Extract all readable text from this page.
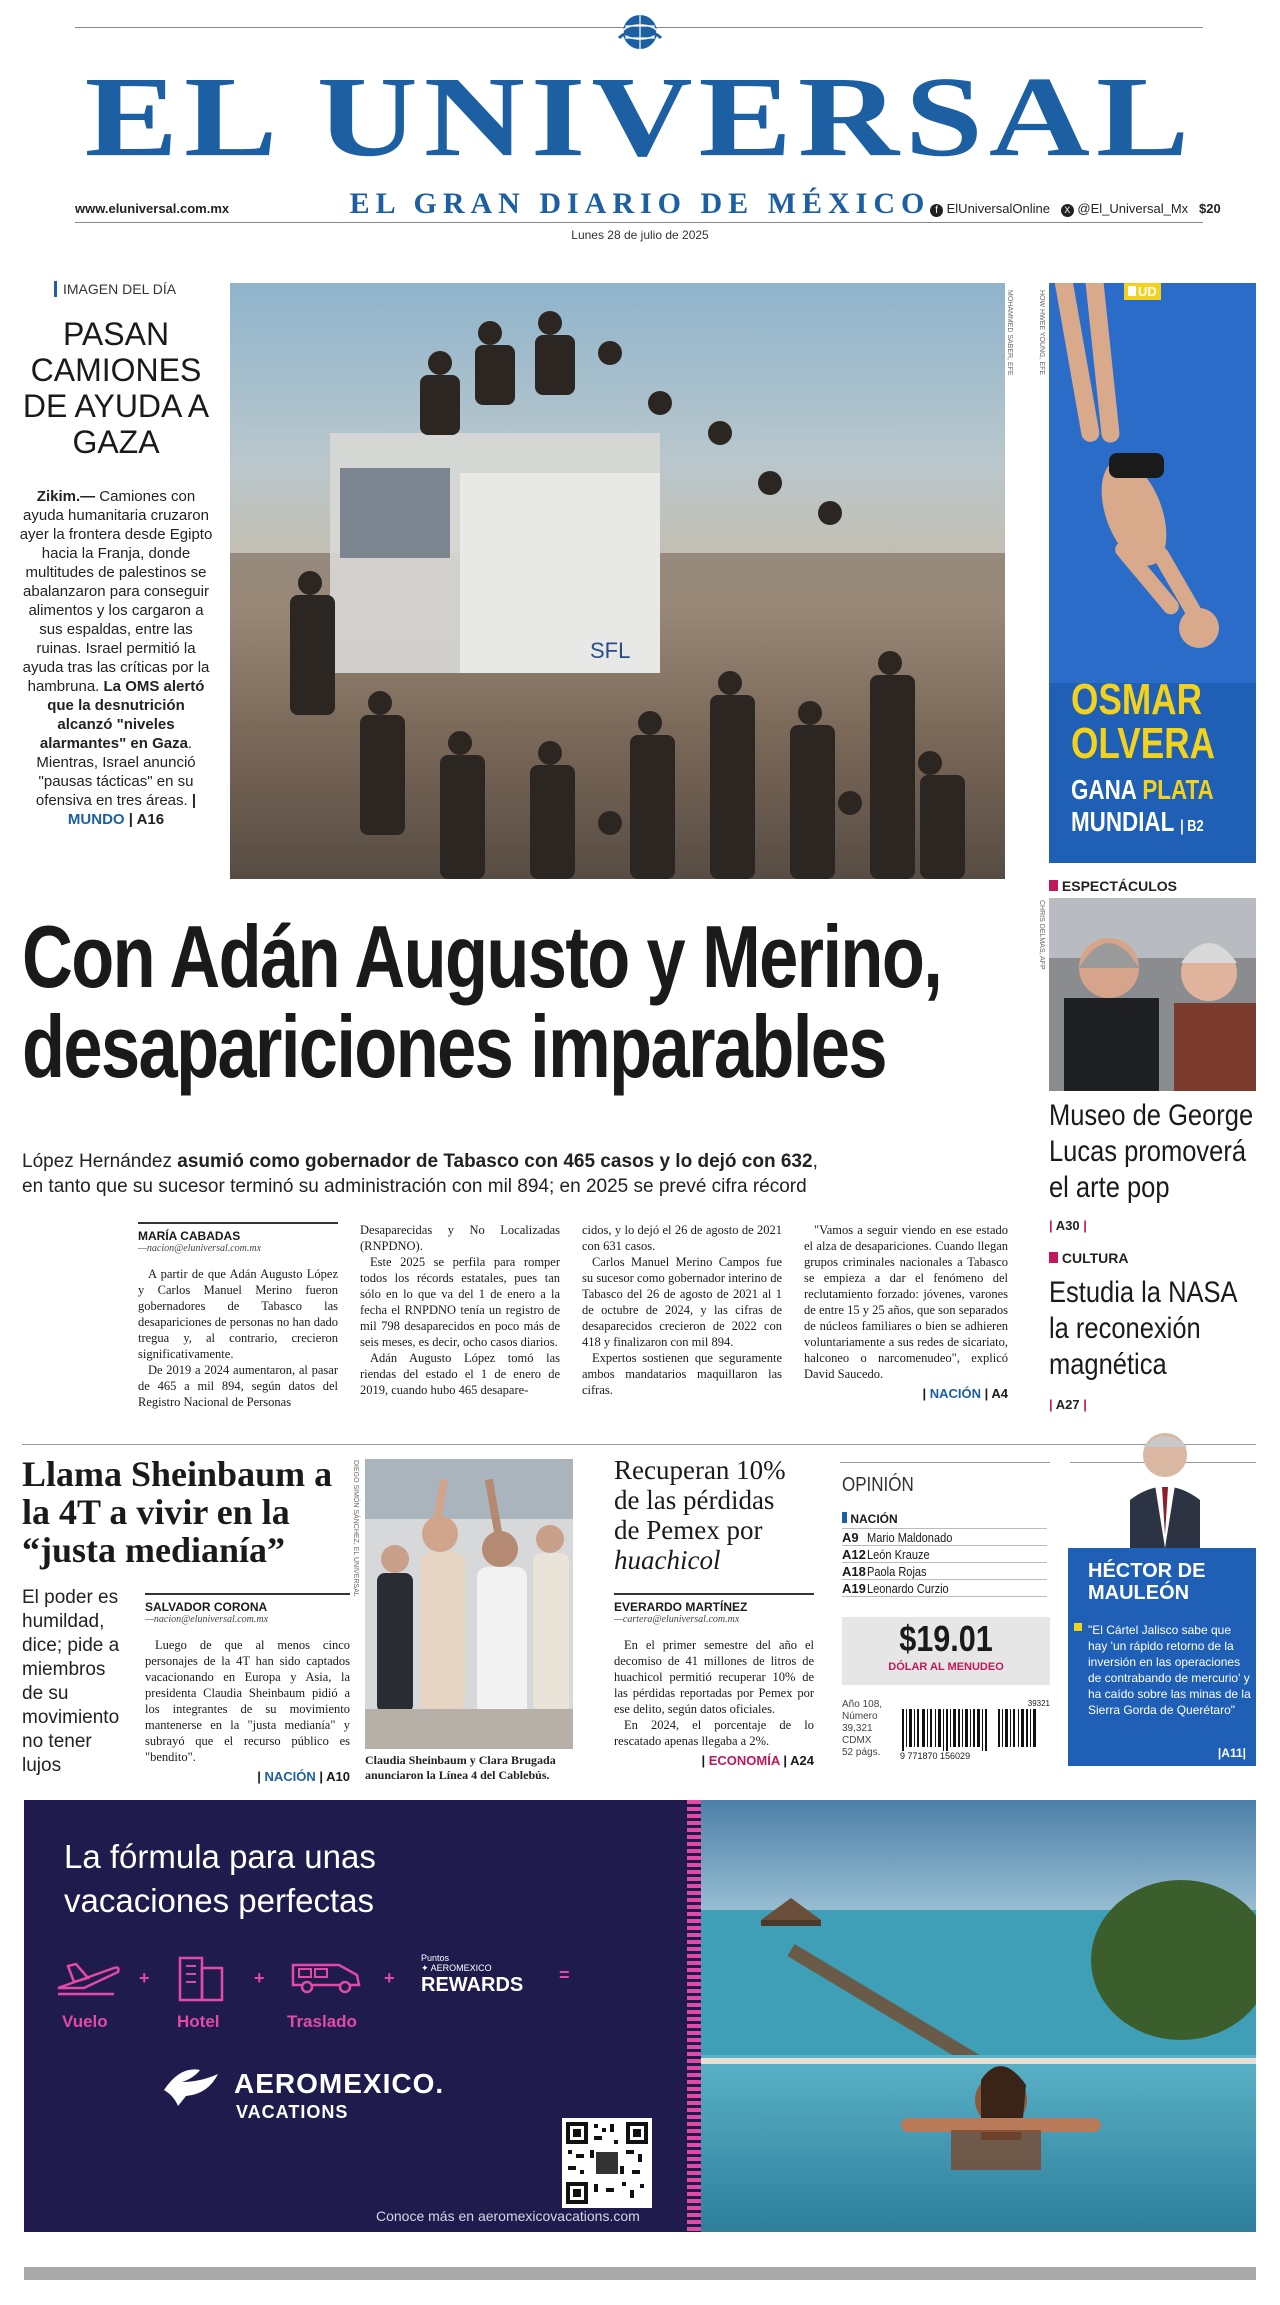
EL UNIVERSAL
EL GRAN DIARIO DE MÉXICO
www.eluniversal.com.mx	f ElUniversalOnline X @El_Universal_Mx $20
Lunes 28 de julio de 2025
IMAGEN DEL DÍA
PASAN CAMIONES DE AYUDA A GAZA
Zikim.— Camiones con ayuda humanitaria cruzaron ayer la frontera desde Egipto hacia la Franja, donde multitudes de palestinos se abalanzaron para conseguir alimentos y los cargaron a sus espaldas, entre las ruinas. Israel permitió la ayuda tras las críticas por la hambruna. La OMS alertó que la desnutrición alcanzó "niveles alarmantes" en Gaza. Mientras, Israel anunció "pausas tácticas" en su ofensiva en tres áreas. | MUNDO | A16
SFL
MOHAMMED SABER, EFE	UD
OSMAR
OLVERA
GANA PLATA
MUNDIAL | B2
HOW HWEE YOUNG, EFE
Con Adán Augusto y Merino,
desapariciones imparables
López Hernández asumió como gobernador de Tabasco con 465 casos y lo dejó con 632,
en tanto que su sucesor terminó su administración con mil 894; en 2025 se prevé cifra récord
MARÍA CABADAS
—nacion@eluniversal.com.mx
A partir de que Adán Augusto López y Carlos Manuel Merino fueron gobernadores de Tabasco las desapariciones de personas no han dado tregua y, al contrario, crecieron significativamente.
De 2019 a 2024 aumentaron, al pasar de 465 a mil 894, según datos del Registro Nacional de Personas
Desaparecidas y No Localizadas (RNPDNO).
Este 2025 se perfila para romper todos los récords estatales, pues tan sólo en lo que va del 1 de enero a la fecha el RNPDNO tenía un registro de mil 798 desaparecidos en poco más de seis meses, es decir, ocho casos diarios.
Adán Augusto López tomó las riendas del estado el 1 de enero de 2019, cuando hubo 465 desapare-
cidos, y lo dejó el 26 de agosto de 2021 con 631 casos.
Carlos Manuel Merino Campos fue su sucesor como gobernador interino de Tabasco del 26 de agosto de 2021 al 1 de octubre de 2024, y las cifras de desaparecidos crecieron de 2022 con 418 y finalizaron con mil 894.
Expertos sostienen que seguramente ambos mandatarios maquillaron las cifras.
"Vamos a seguir viendo en ese estado el alza de desapariciones. Cuando llegan grupos criminales nacionales a Tabasco se empieza a dar el fenómeno del reclutamiento forzado: jóvenes, varones de entre 15 y 25 años, que son separados de núcleos familiares o bien se adhieren voluntariamente a sus redes de sicariato, halconeo o narcomenudeo", explicó David Saucedo.
| NACIÓN | A4
ESPECTÁCULOS
CHRIS DELMAS, AFP
Museo de George Lucas promoverá el arte pop
| A30 |
CULTURA
Estudia la NASA la reconexión magnética
| A27 |
Llama Sheinbaum a la 4T a vivir en la “justa medianía”
El poder es humildad, dice; pide a miembros de su movimiento no tener lujos
SALVADOR CORONA
—nacion@eluniversal.com.mx
Luego de que al menos cinco personajes de la 4T han sido captados vacacionando en Europa y Asia, la presidenta Claudia Sheinbaum pidió a los integrantes de su movimiento mantenerse en la "justa medianía" y subrayó que el recurso público es "bendito".
| NACIÓN | A10
DIEGO SIMÓN SÁNCHEZ, EL UNIVERSAL
Claudia Sheinbaum y Clara Brugada anunciaron la Línea 4 del Cablebús.
Recuperan 10%
de las pérdidas
de Pemex por
huachicol
EVERARDO MARTÍNEZ
—cartera@eluniversal.com.mx
En el primer semestre del año el decomiso de 41 millones de litros de huachicol permitió recuperar 10% de las pérdidas reportadas por Pemex por ese delito, según datos oficiales.
En 2024, el porcentaje de lo rescatado apenas llegaba a 2%.
| ECONOMÍA | A24
OPINIÓN
NACIÓN
A9 Mario Maldonado
A12 León Krauze
A18 Paola Rojas
A19 Leonardo Curzio
$19.01
DÓLAR AL MENUDEO
Año 108,
Número
39,321
CDMX
52 págs.
39321
9 771870 156029
HÉCTOR DE
MAULEÓN
"El Cártel Jalisco sabe que hay 'un rápido retorno de la inversión en las operaciones de contrabando de mercurio' y ha caído sobre las minas de la Sierra Gorda de Querétaro"
|A11|
La fórmula para unas
vacaciones perfectas
+	+	+
Puntos
✦ AEROMEXICO
REWARDS =
Vuelo	Hotel	Traslado
AEROMEXICO.
VACATIONS
Conoce más en aeromexicovacations.com
